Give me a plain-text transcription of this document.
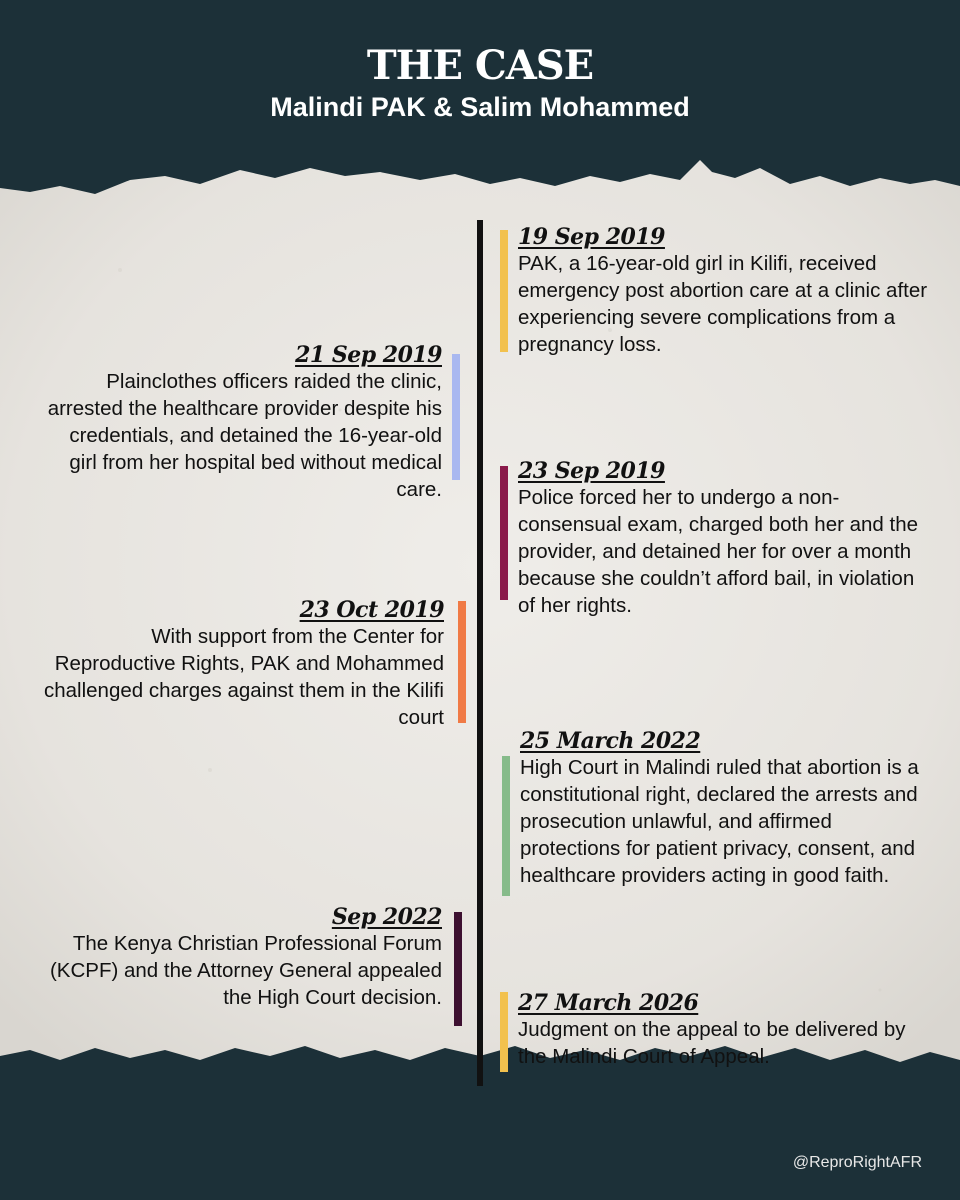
THE CASE
Malindi PAK & Salim Mohammed
19 Sep 2019
PAK, a 16-year-old girl in Kilifi, received emergency post abortion care at a clinic after experiencing severe complications from a pregnancy loss.
21 Sep 2019
Plainclothes officers raided the clinic, arrested the healthcare provider despite his credentials, and detained the 16-year-old girl from her hospital bed without medical care.
23 Sep 2019
Police forced her to undergo a non-consensual exam, charged both her and the provider, and detained her for over a month because she couldn’t afford bail, in violation of her rights.
23 Oct 2019
With support from the Center for Reproductive Rights, PAK and Mohammed challenged charges against them in the Kilifi court
25 March 2022
High Court in Malindi ruled that abortion is a constitutional right, declared the arrests and prosecution unlawful, and affirmed protections for patient privacy, consent, and healthcare providers acting in good faith.
Sep 2022
The Kenya Christian Professional Forum (KCPF) and the Attorney General appealed the High Court decision.	27 March 2026
Judgment on the appeal to be delivered by the Malindi Court of Appeal.
@ReproRightAFR
